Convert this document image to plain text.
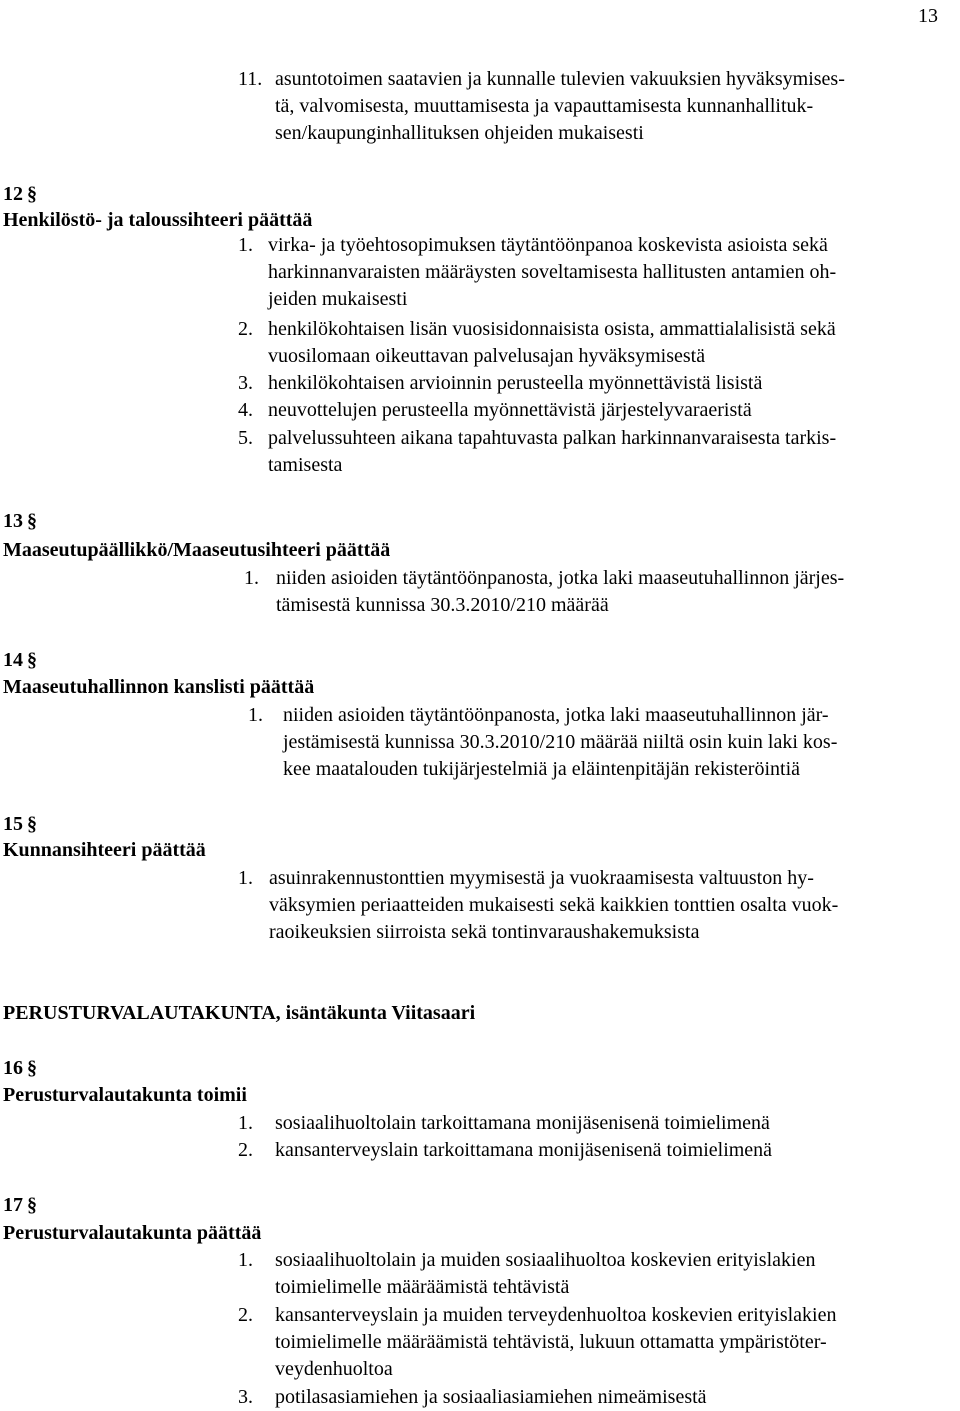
13
11. asuntotoimen saatavien ja kunnalle tulevien vakuuksien hyväksymises-
tä, valvomisesta, muuttamisesta ja vapauttamisesta kunnanhallituk-
sen/kaupunginhallituksen ohjeiden mukaisesti
12 §
Henkilöstö- ja taloussihteeri päättää
1. virka- ja työehtosopimuksen täytäntöönpanoa koskevista asioista sekä
harkinnanvaraisten määräysten soveltamisesta hallitusten antamien oh-
jeiden mukaisesti
2. henkilökohtaisen lisän vuosisidonnaisista osista, ammattialalisistä sekä
vuosilomaan oikeuttavan palvelusajan hyväksymisestä
3. henkilökohtaisen arvioinnin perusteella myönnettävistä lisistä
4. neuvottelujen perusteella myönnettävistä järjestelyvaraeristä
5. palvelussuhteen aikana tapahtuvasta palkan harkinnanvaraisesta tarkis-
tamisesta
13 §
Maaseutupäällikkö/Maaseutusihteeri päättää
1. niiden asioiden täytäntöönpanosta, jotka laki maaseutuhallinnon järjes-
tämisestä kunnissa 30.3.2010/210 määrää
14 §
Maaseutuhallinnon kanslisti päättää
1. niiden asioiden täytäntöönpanosta, jotka laki maaseutuhallinnon jär-
jestämisestä kunnissa 30.3.2010/210 määrää niiltä osin kuin laki kos-
kee maatalouden tukijärjestelmiä ja eläintenpitäjän rekisteröintiä
15 §
Kunnansihteeri päättää
1. asuinrakennustonttien myymisestä ja vuokraamisesta valtuuston hy-
väksymien periaatteiden mukaisesti sekä kaikkien tonttien osalta vuok-
raoikeuksien siirroista sekä tontinvaraushakemuksista
PERUSTURVALAUTAKUNTA, isäntäkunta Viitasaari
16 §
Perusturvalautakunta toimii
1. sosiaalihuoltolain tarkoittamana monijäsenisenä toimielimenä
2. kansanterveyslain tarkoittamana monijäsenisenä toimielimenä
17 §
Perusturvalautakunta päättää
1. sosiaalihuoltolain ja muiden sosiaalihuoltoa koskevien erityislakien
toimielimelle määräämistä tehtävistä
2. kansanterveyslain ja muiden terveydenhuoltoa koskevien erityislakien
toimielimelle määräämistä tehtävistä, lukuun ottamatta ympäristöter-
veydenhuoltoa
3. potilasasiamiehen ja sosiaaliasiamiehen nimeämisestä
